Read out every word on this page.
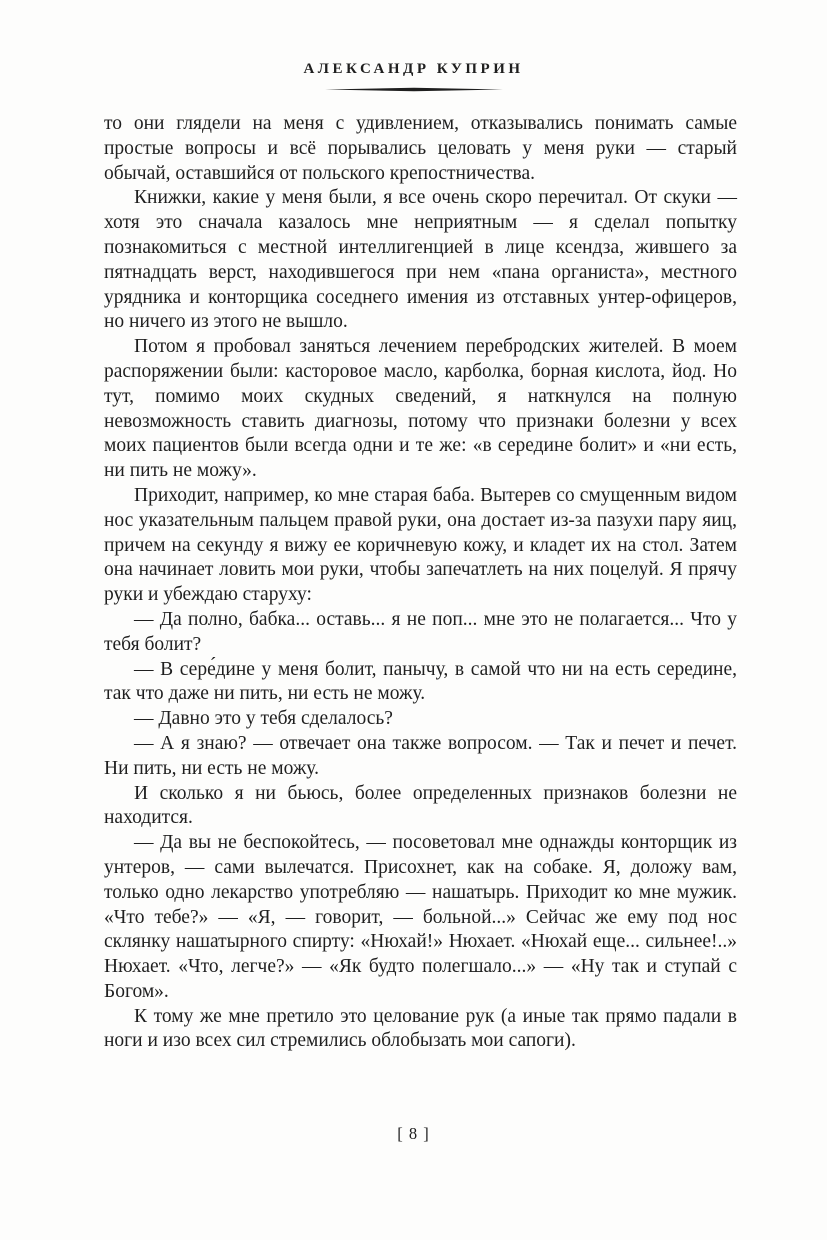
АЛЕКСАНДР КУПРИН

то они глядели на меня с удивлением, отказывались понимать самые простые вопросы и всё порывались целовать у меня руки — старый обычай, оставшийся от польского крепостничества.

Книжки, какие у меня были, я все очень скоро перечитал. От скуки — хотя это сначала казалось мне неприятным — я сделал попытку познакомиться с местной интеллигенцией в лице ксендза, жившего за пятнадцать верст, находившегося при нем «пана органиста», местного урядника и конторщика соседнего имения из отставных унтер-офицеров, но ничего из этого не вышло.

Потом я пробовал заняться лечением перебродских жителей. В моем распоряжении были: касторовое масло, карболка, борная кислота, йод. Но тут, помимо моих скудных сведений, я наткнулся на полную невозможность ставить диагнозы, потому что признаки болезни у всех моих пациентов были всегда одни и те же: «в середине болит» и «ни есть, ни пить не можу».

Приходит, например, ко мне старая баба. Вытерев со смущенным видом нос указательным пальцем правой руки, она достает из-за пазухи пару яиц, причем на секунду я вижу ее коричневую кожу, и кладет их на стол. Затем она начинает ловить мои руки, чтобы запечатлеть на них поцелуй. Я прячу руки и убеждаю старуху:

— Да полно, бабка... оставь... я не поп... мне это не полагается... Что у тебя болит?

— В сере́дине у меня болит, панычу, в самой что ни на есть середине, так что даже ни пить, ни есть не можу.

— Давно это у тебя сделалось?

— А я знаю? — отвечает она также вопросом. — Так и печет и печет. Ни пить, ни есть не можу.

И сколько я ни бьюсь, более определенных признаков болезни не находится.

— Да вы не беспокойтесь, — посоветовал мне однажды конторщик из унтеров, — сами вылечатся. Присохнет, как на собаке. Я, доложу вам, только одно лекарство употребляю — нашатырь. Приходит ко мне мужик. «Что тебе?» — «Я, — говорит, — больной...» Сейчас же ему под нос склянку нашатырного спирту: «Нюхай!» Нюхает. «Нюхай еще... сильнее!..» Нюхает. «Что, легче?» — «Як будто полегшало...» — «Ну так и ступай с Богом».

К тому же мне претило это целование рук (а иные так прямо падали в ноги и изо всех сил стремились облобызать мои сапоги).

[ 8 ]
